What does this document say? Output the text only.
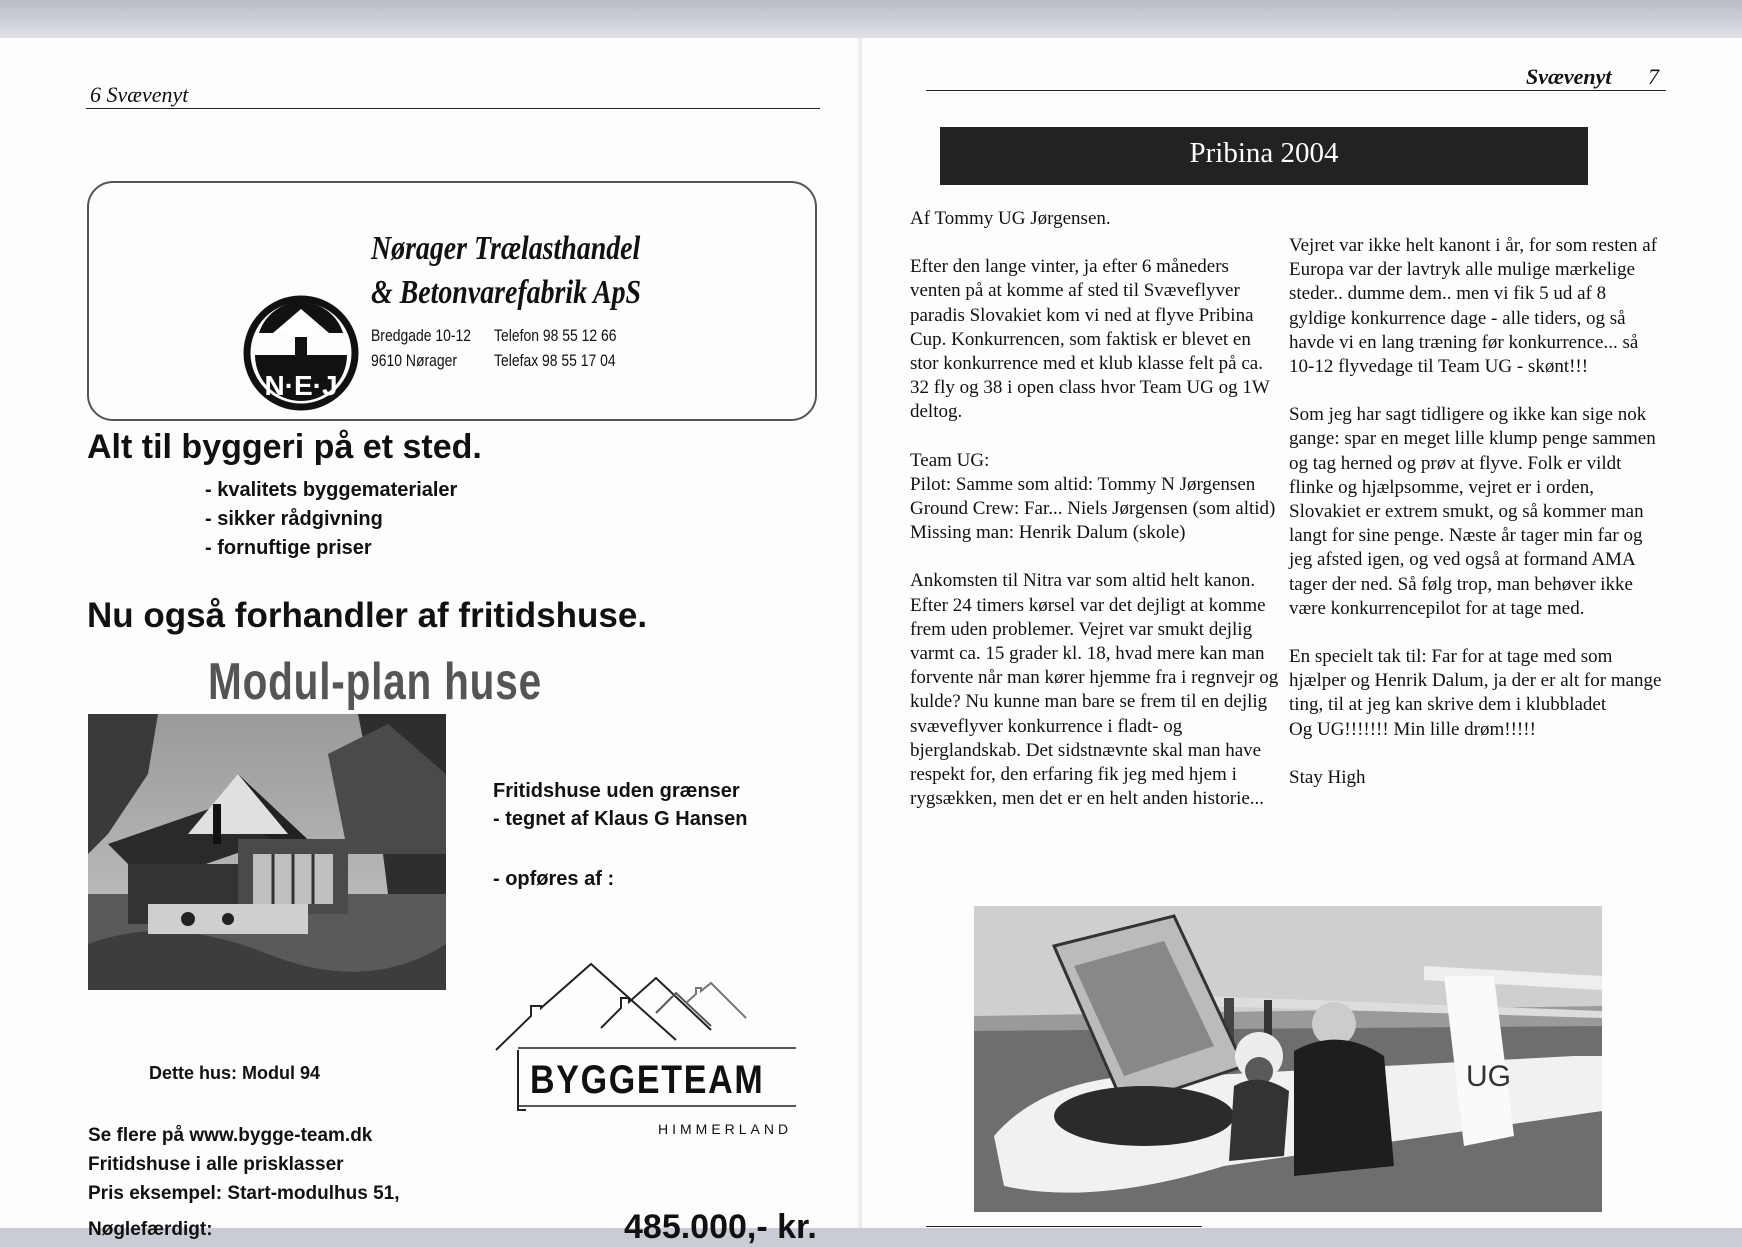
6 Svævenyt
N·E·J
Nørager Trælasthandel
& Betonvarefabrik ApS
Bredgade 10-12
9610 Nørager
Telefon 98 55 12 66
Telefax 98 55 17 04
Alt til byggeri på et sted.
- kvalitets byggematerialer
- sikker rådgivning
- fornuftige priser
Nu også forhandler af fritidshuse.
Modul-plan huse
Dette hus: Modul 94
Fritidshuse uden grænser
- tegnet af Klaus G Hansen
- opføres af :
BYGGETEAM
HIMMERLAND
Se flere på www.bygge-team.dk
Fritidshuse i alle prisklasser
Pris eksempel: Start-modulhus 51,
Nøglefærdigt:	485.000,- kr.
Svævenyt 7
Pribina 2004

Af Tommy UG Jørgensen.

Efter den lange vinter, ja efter 6 måneders venten på at komme af sted til Svæveflyver paradis Slovakiet kom vi ned at flyve Pribina Cup. Konkurrencen, som faktisk er blevet en stor konkurrence med et klub klasse felt på ca. 32 fly og 38 i open class hvor Team UG og 1W deltog.

Team UG:
Pilot: Samme som altid: Tommy N Jørgensen
Ground Crew: Far... Niels Jørgensen (som altid)

Missing man: Henrik Dalum (skole)

Ankomsten til Nitra var som altid helt kanon. Efter 24 timers kørsel var det dejligt at komme frem uden problemer. Vejret var smukt dejlig varmt ca. 15 grader kl. 18, hvad mere kan man forvente når man kører hjemme fra i regnvejr og kulde? Nu kunne man bare se frem til en dejlig svæveflyver konkurrence i fladt- og bjerglandskab. Det sidstnævnte skal man have respekt for, den erfaring fik jeg med hjem i rygsækken, men det er en helt anden historie...

Vejret var ikke helt kanont i år, for som resten af Europa var der lavtryk alle mulige mærkelige steder.. dumme dem.. men vi fik 5 ud af 8 gyldige konkurrence dage - alle tiders, og så havde vi en lang træning før konkurrence... så 10-12 flyvedage til Team UG - skønt!!!

Som jeg har sagt tidligere og ikke kan sige nok gange: spar en meget lille klump penge sammen og tag herned og prøv at flyve. Folk er vildt flinke og hjælpsomme, vejret er i orden, Slovakiet er extrem smukt, og så kommer man langt for sine penge. Næste år tager min far og jeg afsted igen, og ved også at formand AMA tager der ned. Så følg trop, man behøver ikke være konkurrencepilot for at tage med.

En specielt tak til: Far for at tage med som hjælper og Henrik Dalum, ja der er alt for mange ting, til at jeg kan skrive dem i klubbladet

Og UG!!!!!!! Min lille drøm!!!!!

Stay High

UG
LS1
